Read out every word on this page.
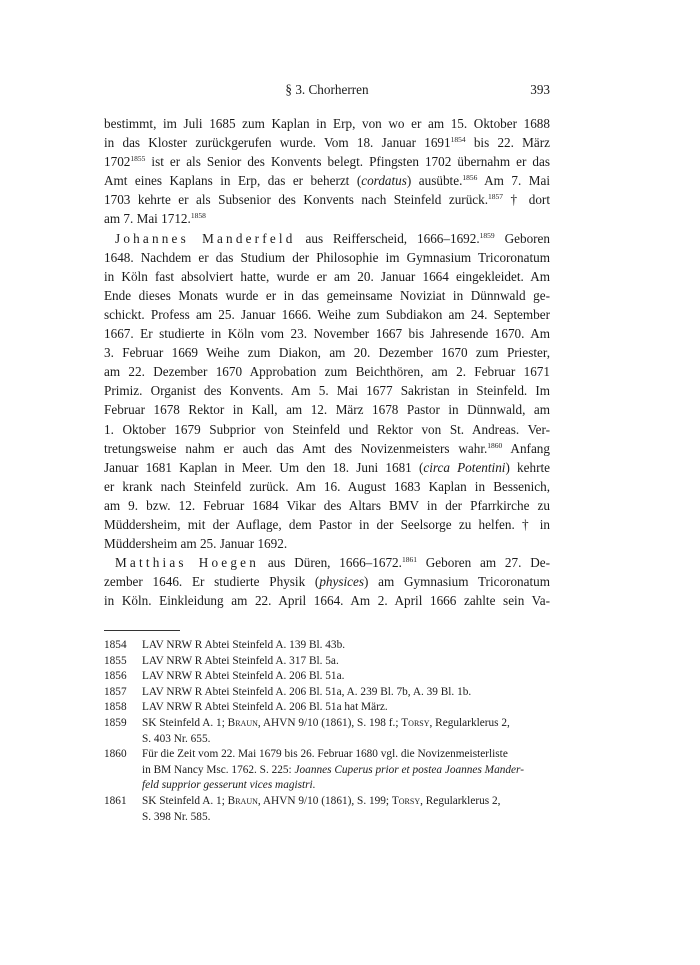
§ 3. Chorherren	393
bestimmt, im Juli 1685 zum Kaplan in Erp, von wo er am 15. Oktober 1688
in das Kloster zurückgerufen wurde. Vom 18. Januar $1691^{1854}$ bis 22. März
$1702^{1855}$ ist er als Senior des Konvents belegt. Pfingsten 1702 übernahm er das
Amt eines Kaplans in Erp, das er beherzt (cordatus) ausübte.$^{1856}$ Am 7. Mai
1703 kehrte er als Subsenior des Konvents nach Steinfeld zurück.$^{1857}$ † dort
am 7. Mai 1712.$^{1858}$
Johannes Manderfeld aus Reifferscheid, 1666–1692.$^{1859}$ Geboren
1648. Nachdem er das Studium der Philosophie im Gymnasium Tricoronatum
in Köln fast absolviert hatte, wurde er am 20. Januar 1664 eingekleidet. Am
Ende dieses Monats wurde er in das gemeinsame Noviziat in Dünnwald ge-
schickt. Profess am 25. Januar 1666. Weihe zum Subdiakon am 24. September
1667. Er studierte in Köln vom 23. November 1667 bis Jahresende 1670. Am
3. Februar 1669 Weihe zum Diakon, am 20. Dezember 1670 zum Priester,
am 22. Dezember 1670 Approbation zum Beichthören, am 2. Februar 1671
Primiz. Organist des Konvents. Am 5. Mai 1677 Sakristan in Steinfeld. Im
Februar 1678 Rektor in Kall, am 12. März 1678 Pastor in Dünnwald, am
1. Oktober 1679 Subprior von Steinfeld und Rektor von St. Andreas. Ver-
tretungsweise nahm er auch das Amt des Novizenmeisters wahr.$^{1860}$ Anfang
Januar 1681 Kaplan in Meer. Um den 18. Juni 1681 (circa Potentini) kehrte
er krank nach Steinfeld zurück. Am 16. August 1683 Kaplan in Bessenich,
am 9. bzw. 12. Februar 1684 Vikar des Altars BMV in der Pfarrkirche zu
Müddersheim, mit der Auflage, dem Pastor in der Seelsorge zu helfen. † in
Müddersheim am 25. Januar 1692.
Matthias Hoegen aus Düren, 1666–1672.$^{1861}$ Geboren am 27. De-
zember 1646. Er studierte Physik (physices) am Gymnasium Tricoronatum
in Köln. Einkleidung am 22. April 1664. Am 2. April 1666 zahlte sein Va-
1854 LAV NRW R Abtei Steinfeld A. 139 Bl. 43b.
1855 LAV NRW R Abtei Steinfeld A. 317 Bl. 5a.
1856 LAV NRW R Abtei Steinfeld A. 206 Bl. 51a.
1857 LAV NRW R Abtei Steinfeld A. 206 Bl. 51a, A. 239 Bl. 7b, A. 39 Bl. 1b.
1858 LAV NRW R Abtei Steinfeld A. 206 Bl. 51a hat März.
1859 SK Steinfeld A. 1; Braun, AHVN 9/10 (1861), S. 198 f.; Torsy, Regularklerus 2,
S. 403 Nr. 655.
1860 Für die Zeit vom 22. Mai 1679 bis 26. Februar 1680 vgl. die Novizenmeisterliste
in BM Nancy Msc. 1762. S. 225: Joannes Cuperus prior et postea Joannes Mander-
feld supprior gesserunt vices magistri.
1861 SK Steinfeld A. 1; Braun, AHVN 9/10 (1861), S. 199; Torsy, Regularklerus 2,
S. 398 Nr. 585.
